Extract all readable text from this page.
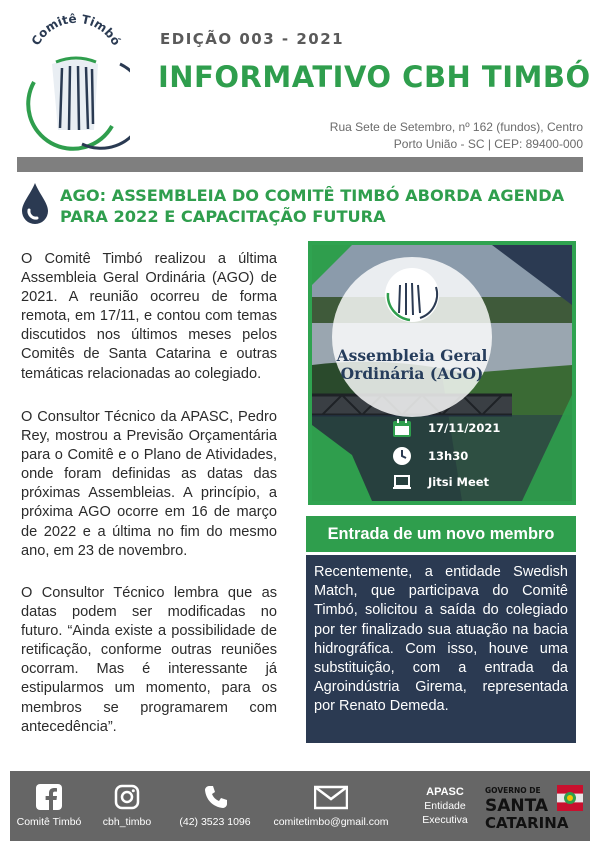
Comitê Timbó EDIÇÃO 003 - 2021
INFORMATIVO CBH TIMBÓ
Rua Sete de Setembro, nº 162 (fundos), Centro
Porto União - SC | CEP: 89400-000
AGO: ASSEMBLEIA DO COMITÊ TIMBÓ ABORDA AGENDA PARA 2022 E CAPACITAÇÃO FUTURA

O Comitê Timbó realizou a última Assembleia Geral Ordinária (AGO) de 2021. A reunião ocorreu de forma remota, em 17/11, e contou com temas discutidos nos últimos meses pelos Comitês de Santa Catarina e outras temáticas relacionadas ao colegiado.

O Consultor Técnico da APASC, Pedro Rey, mostrou a Previsão Orçamentária para o Comitê e o Plano de Atividades, onde foram definidas as datas das próximas Assembleias. A princípio, a próxima AGO ocorre em 16 de março de 2022 e a última no fim do mesmo ano, em 23 de novembro.

O Consultor Técnico lembra que as datas podem ser modificadas no futuro. “Ainda existe a possibilidade de retificação, conforme outras reuniões ocorram. Mas é interessante já estipularmos um momento, para os membros se programarem com antecedência”.

Assembleia Geral Ordinária (AGO)
17/11/2021
13h30
Jitsi Meet
Entrada de um novo membro

Recentemente, a entidade Swedish Match, que participava do Comitê Timbó, solicitou a saída do colegiado por ter finalizado sua atuação na bacia hidrográfica. Com isso, houve uma substituição, com a entrada da Agroindústria Girema, representada por Renato Demeda.

Comitê Timbó	cbh_timbo	(42) 3523 1096	comitetimbo@gmail.com
APASC
Entidade
Executiva
GOVERNO DE
SANTA
CATARINA
